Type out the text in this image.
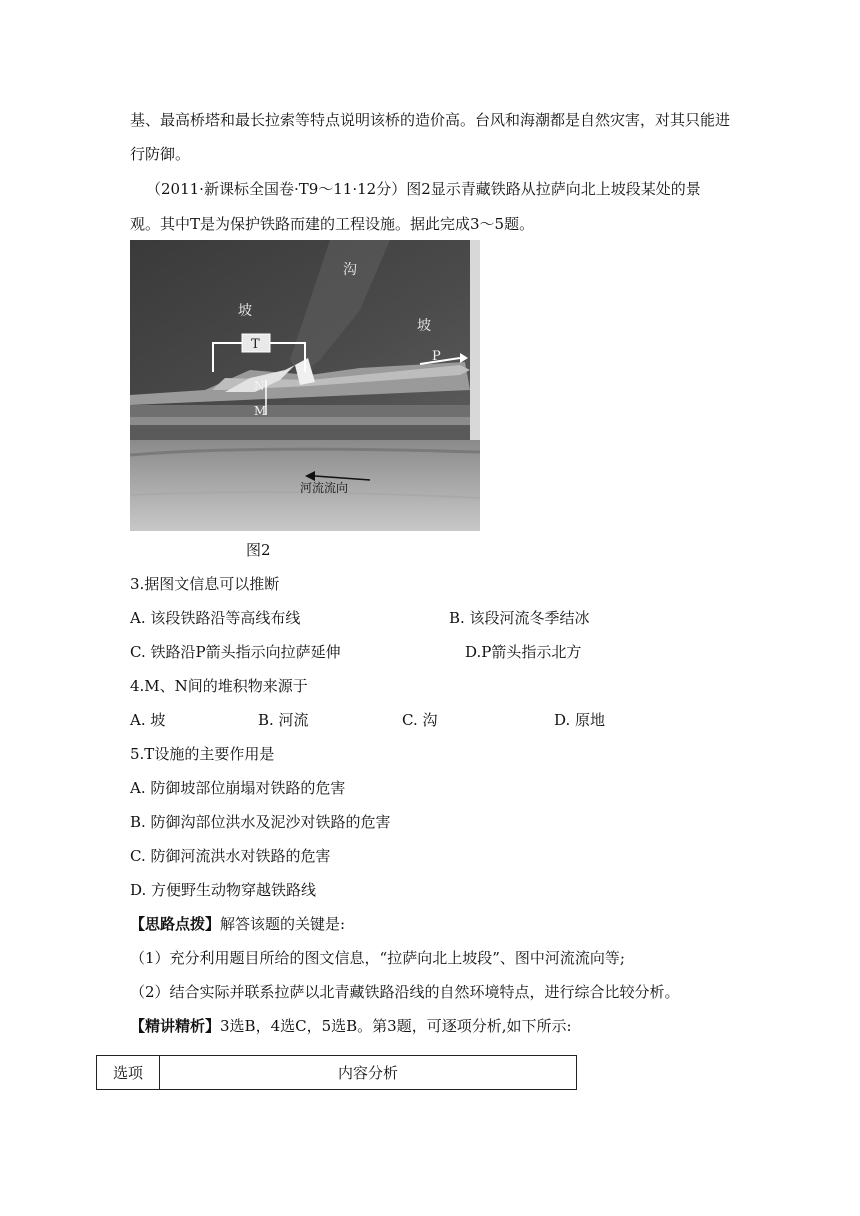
基、最高桥塔和最长拉索等特点说明该桥的造价高。台风和海潮都是自然灾害，对其只能进
行防御。
（2011·新课标全国卷·T9～11·12分）图2显示青藏铁路从拉萨向北上坡段某处的景
观。其中T是为保护铁路而建的工程设施。据此完成3～5题。
沟
坡
坡
T
N
M
P
河流流向
图2
3.据图文信息可以推断
A. 该段铁路沿等高线布线	B. 该段河流冬季结冰
C. 铁路沿P箭头指示向拉萨延伸	D.P箭头指示北方
4.M、N间的堆积物来源于
A. 坡	B. 河流	C. 沟	D. 原地
5.T设施的主要作用是
A. 防御坡部位崩塌对铁路的危害
B. 防御沟部位洪水及泥沙对铁路的危害
C. 防御河流洪水对铁路的危害
D. 方便野生动物穿越铁路线
【思路点拨】解答该题的关键是:
（1）充分利用题目所给的图文信息，“拉萨向北上坡段”、图中河流流向等;
（2）结合实际并联系拉萨以北青藏铁路沿线的自然环境特点，进行综合比较分析。
【精讲精析】3选B，4选C，5选B。第3题，可逐项分析,如下所示:
选项	内容分析
